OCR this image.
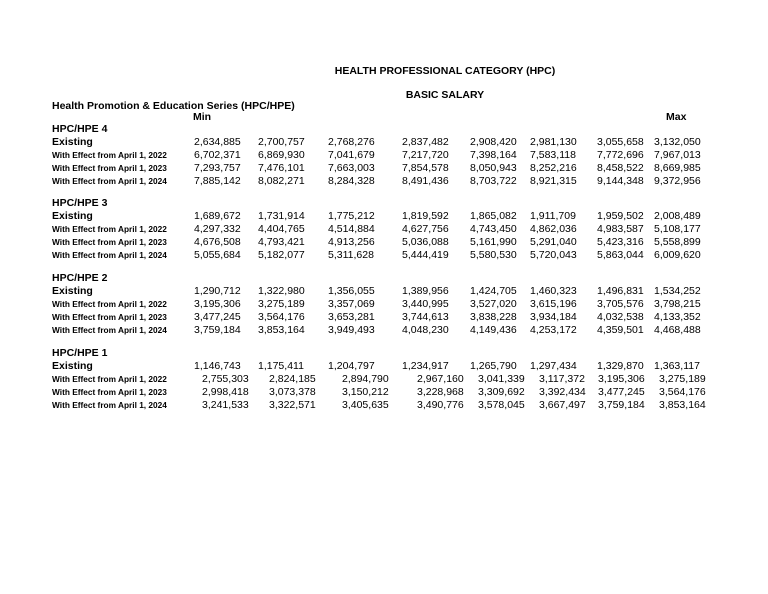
HEALTH PROFESSIONAL CATEGORY (HPC)
BASIC SALARY
Health Promotion & Education Series (HPC/HPE)
Min	Max
HPC/HPE 4
Existing	2,634,885 2,700,757 2,768,276	2,837,482 2,908,420 2,981,130 3,055,658 3,132,050
With Effect from April 1, 2022	6,702,371 6,869,930 7,041,679	7,217,720 7,398,164 7,583,118 7,772,696 7,967,013
With Effect from April 1, 2023	7,293,757 7,476,101 7,663,003	7,854,578 8,050,943 8,252,216 8,458,522 8,669,985
With Effect from April 1, 2024	7,885,142 8,082,271 8,284,328	8,491,436 8,703,722 8,921,315 9,144,348 9,372,956
HPC/HPE 3
Existing	1,689,672 1,731,914 1,775,212	1,819,592 1,865,082 1,911,709 1,959,502 2,008,489
With Effect from April 1, 2022	4,297,332 4,404,765 4,514,884	4,627,756 4,743,450 4,862,036 4,983,587 5,108,177
With Effect from April 1, 2023	4,676,508 4,793,421 4,913,256	5,036,088 5,161,990 5,291,040 5,423,316 5,558,899
With Effect from April 1, 2024	5,055,684 5,182,077 5,311,628	5,444,419 5,580,530 5,720,043 5,863,044 6,009,620
HPC/HPE 2
Existing	1,290,712 1,322,980 1,356,055	1,389,956 1,424,705 1,460,323 1,496,831 1,534,252
With Effect from April 1, 2022	3,195,306 3,275,189 3,357,069	3,440,995 3,527,020 3,615,196 3,705,576 3,798,215
With Effect from April 1, 2023	3,477,245 3,564,176 3,653,281	3,744,613 3,838,228 3,934,184 4,032,538 4,133,352
With Effect from April 1, 2024	3,759,184 3,853,164 3,949,493	4,048,230 4,149,436 4,253,172 4,359,501 4,468,488
HPC/HPE 1
Existing	1,146,743 1,175,411 1,204,797	1,234,917 1,265,790 1,297,434 1,329,870 1,363,117
With Effect from April 1, 2022	2,755,303 2,824,185	2,894,790	2,967,160 3,041,339 3,117,372 3,195,306 3,275,189
With Effect from April 1, 2023	2,998,418 3,073,378	3,150,212	3,228,968 3,309,692 3,392,434 3,477,245 3,564,176
With Effect from April 1, 2024	3,241,533 3,322,571	3,405,635	3,490,776 3,578,045 3,667,497 3,759,184 3,853,164
